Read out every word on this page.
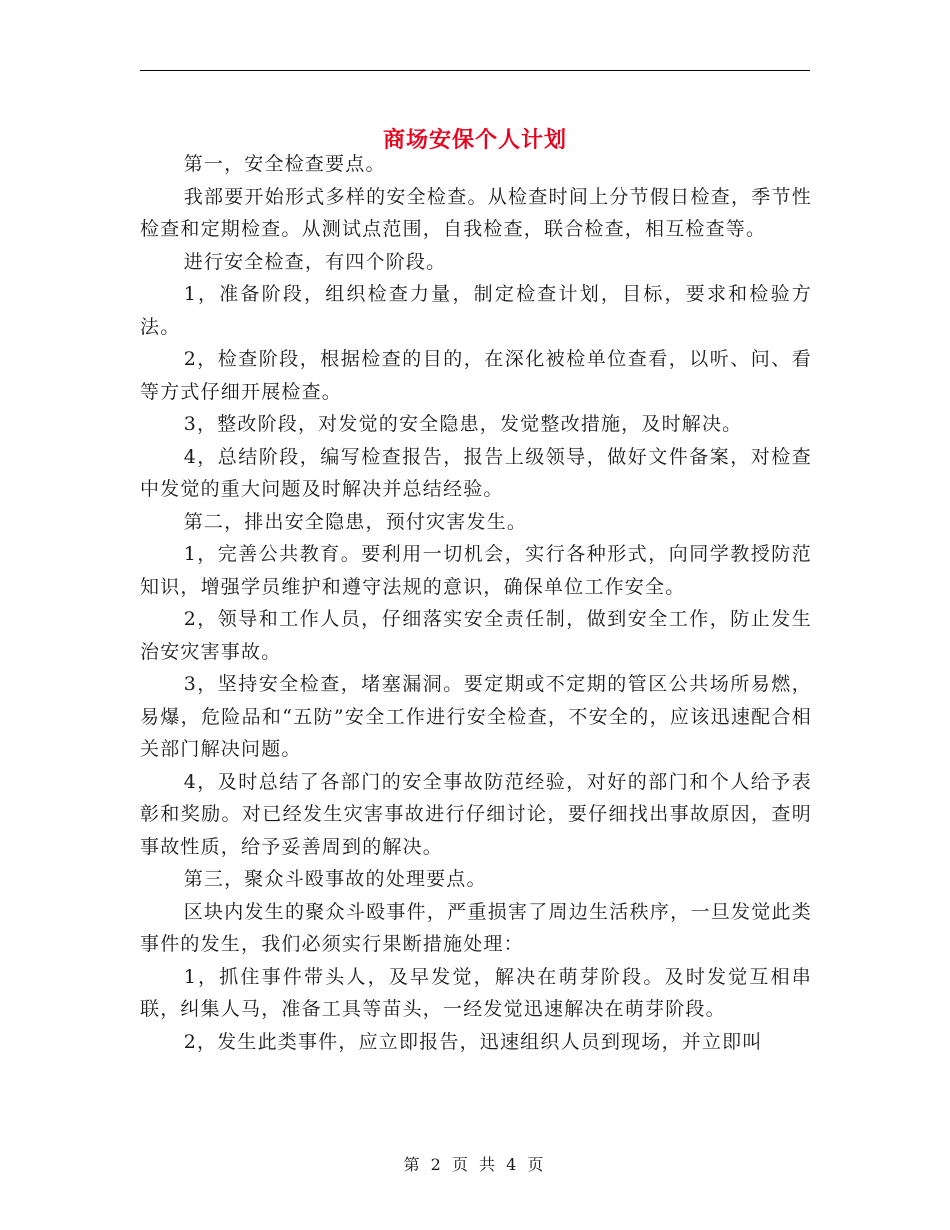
商场安保个人计划

第一，安全检查要点。

我部要开始形式多样的安全检查。从检查时间上分节假日检查，季节性检查和定期检查。从测试点范围，自我检查，联合检查，相互检查等。

进行安全检查，有四个阶段。

1，准备阶段，组织检查力量，制定检查计划，目标，要求和检验方法。

2，检查阶段，根据检查的目的，在深化被检单位查看，以听、问、看等方式仔细开展检查。

3，整改阶段，对发觉的安全隐患，发觉整改措施，及时解决。

4，总结阶段，编写检查报告，报告上级领导，做好文件备案，对检查中发觉的重大问题及时解决并总结经验。

第二，排出安全隐患，预付灾害发生。

1，完善公共教育。要利用一切机会，实行各种形式，向同学教授防范知识，增强学员维护和遵守法规的意识，确保单位工作安全。

2，领导和工作人员，仔细落实安全责任制，做到安全工作，防止发生治安灾害事故。

3，坚持安全检查，堵塞漏洞。要定期或不定期的管区公共场所易燃，易爆，危险品和“五防”安全工作进行安全检查，不安全的，应该迅速配合相关部门解决问题。

4，及时总结了各部门的安全事故防范经验，对好的部门和个人给予表彰和奖励。对已经发生灾害事故进行仔细讨论，要仔细找出事故原因，查明事故性质，给予妥善周到的解决。

第三，聚众斗殴事故的处理要点。

区块内发生的聚众斗殴事件，严重损害了周边生活秩序，一旦发觉此类事件的发生，我们必须实行果断措施处理：

1，抓住事件带头人，及早发觉，解决在萌芽阶段。及时发觉互相串联，纠集人马，准备工具等苗头，一经发觉迅速解决在萌芽阶段。

2，发生此类事件，应立即报告，迅速组织人员到现场，并立即叫

第 2 页 共 4 页
